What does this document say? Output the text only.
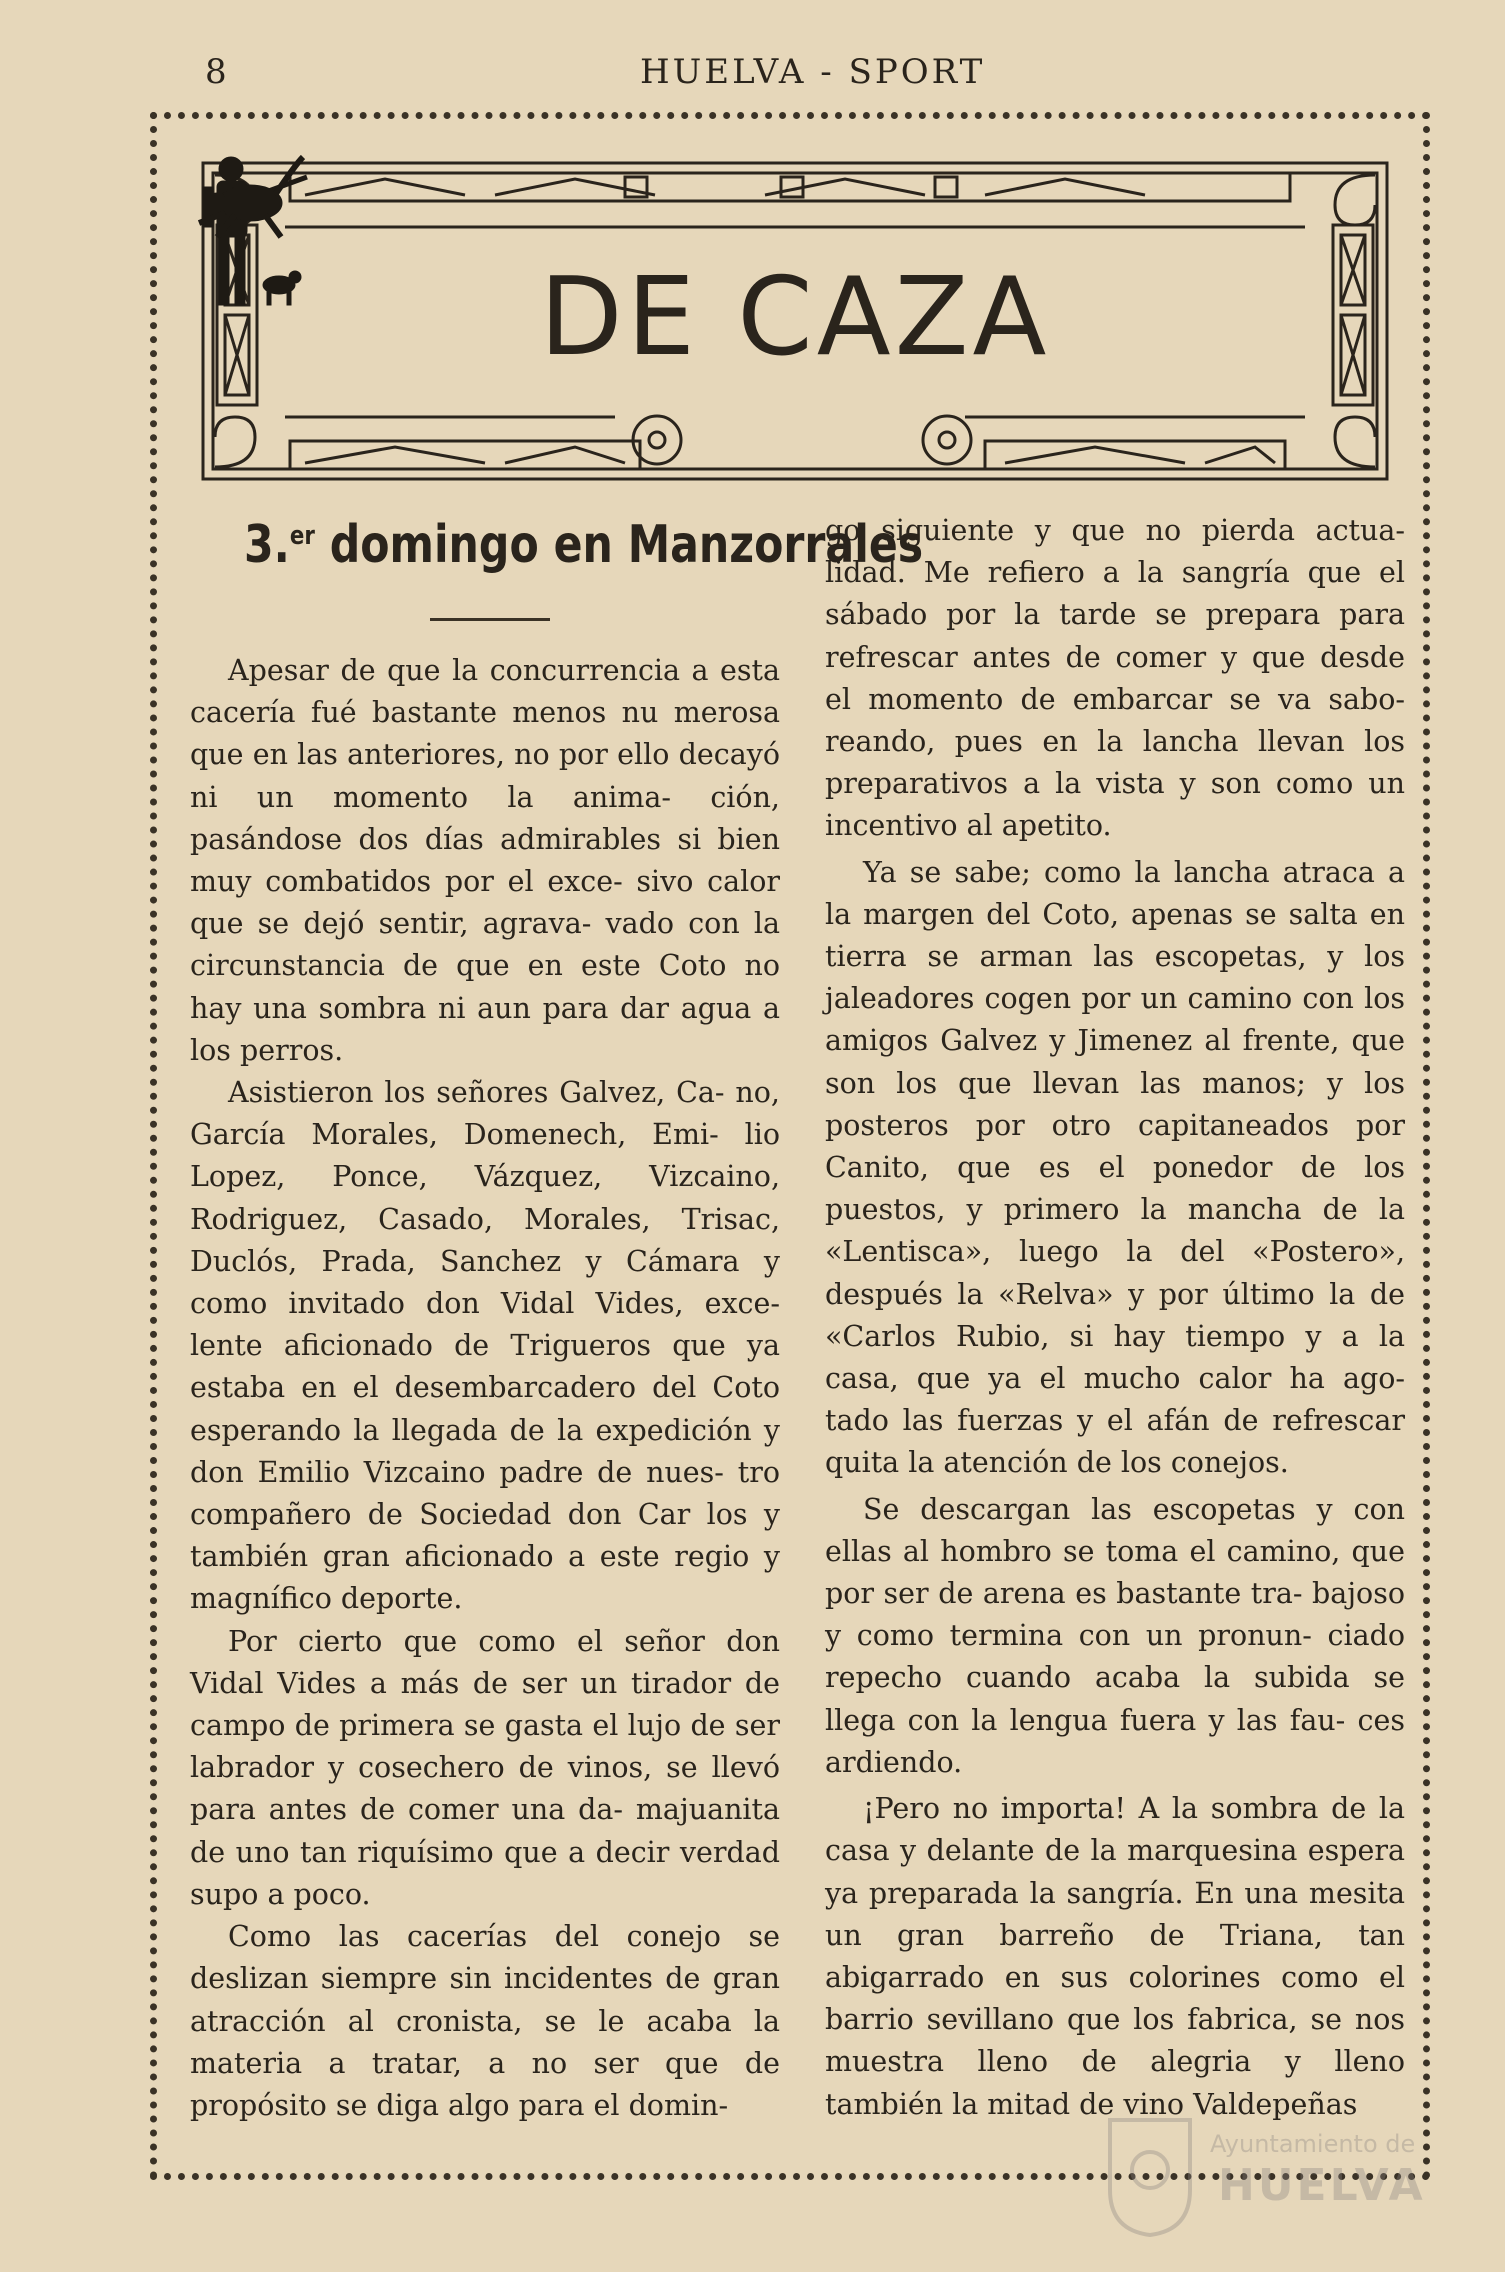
8	HUELVA - SPORT
DE CAZA
3.$^{er}$ domingo en Manzorrales

Apesar de que la concurrencia a esta cacería fué bastante menos nu merosa que en las anteriores, no por ello decayó ni un momento la anima- ción, pasándose dos días admirables si bien muy combatidos por el exce- sivo calor que se dejó sentir, agrava- vado con la circunstancia de que en este Coto no hay una sombra ni aun para dar agua a los perros.

Asistieron los señores Galvez, Ca- no, García Morales, Domenech, Emi- lio Lopez, Ponce, Vázquez, Vizcaino, Rodriguez, Casado, Morales, Trisac, Duclós, Prada, Sanchez y Cámara y como invitado don Vidal Vides, exce- lente aficionado de Trigueros que ya estaba en el desembarcadero del Coto esperando la llegada de la expedición y don Emilio Vizcaino padre de nues- tro compañero de Sociedad don Car los y también gran aficionado a este regio y magnífico deporte.

Por cierto que como el señor don Vidal Vides a más de ser un tirador de campo de primera se gasta el lujo de ser labrador y cosechero de vinos, se llevó para antes de comer una da- majuanita de uno tan riquísimo que a decir verdad supo a poco.

Como las cacerías del conejo se deslizan siempre sin incidentes de gran atracción al cronista, se le acaba la materia a tratar, a no ser que de propósito se diga algo para el domin-

go siguiente y que no pierda actua- lidad. Me refiero a la sangría que el sábado por la tarde se prepara para refrescar antes de comer y que desde el momento de embarcar se va sabo- reando, pues en la lancha llevan los preparativos a la vista y son como un incentivo al apetito.

Ya se sabe; como la lancha atraca a la margen del Coto, apenas se salta en tierra se arman las escopetas, y los jaleadores cogen por un camino con los amigos Galvez y Jimenez al frente, que son los que llevan las manos; y los posteros por otro capitaneados por Canito, que es el ponedor de los puestos, y primero la mancha de la «Lentisca», luego la del «Postero», después la «Relva» y por último la de «Carlos Rubio, si hay tiempo y a la casa, que ya el mucho calor ha ago- tado las fuerzas y el afán de refrescar quita la atención de los conejos.

Se descargan las escopetas y con ellas al hombro se toma el camino, que por ser de arena es bastante tra- bajoso y como termina con un pronun- ciado repecho cuando acaba la subida se llega con la lengua fuera y las fau- ces ardiendo.

¡Pero no importa! A la sombra de la casa y delante de la marquesina espera ya preparada la sangría. En una mesita un gran barreño de Triana, tan abigarrado en sus colorines como el barrio sevillano que los fabrica, se nos muestra lleno de alegria y lleno también la mitad de vino Valdepeñas

Ayuntamiento de
HUELVA
